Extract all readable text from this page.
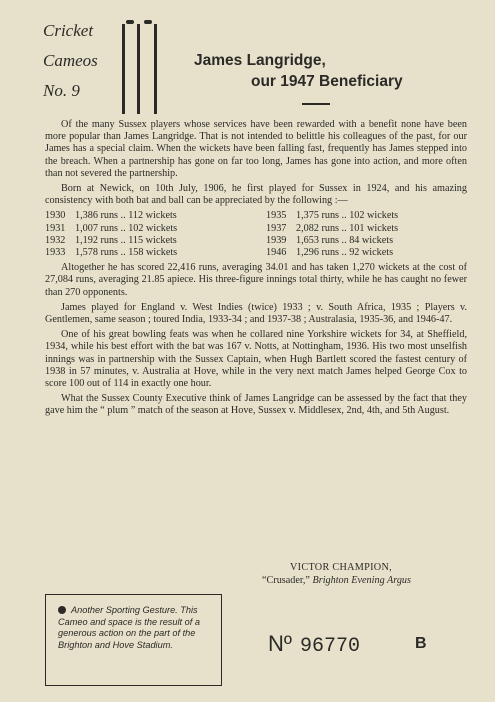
Cricket
Cameos
No. 9
James Langridge,
our 1947 Beneficiary

Of the many Sussex players whose services have been rewarded with a benefit none have been more popular than James Langridge. That is not intended to belittle his colleagues of the past, for our James has a special claim. When the wickets have been falling fast, frequently has James stepped into the breach. When a partnership has gone on far too long, James has gone into action, and more often than not severed the partnership.

Born at Newick, on 10th July, 1906, he first played for Sussex in 1924, and his amazing consistency with both bat and ball can be appreciated by the following :—

1930 1,386 runs .. 112 wickets	1935 1,375 runs .. 102 wickets
1931 1,007 runs .. 102 wickets	1937 2,082 runs .. 101 wickets
1932 1,192 runs .. 115 wickets	1939 1,653 runs .. 84 wickets
1933 1,578 runs .. 158 wickets	1946 1,296 runs .. 92 wickets

Altogether he has scored 22,416 runs, averaging 34.01 and has taken 1,270 wickets at the cost of 27,084 runs, averaging 21.85 apiece. His three-figure innings total thirty, while he has caught no fewer than 270 opponents.

James played for England v. West Indies (twice) 1933 ; v. South Africa, 1935 ; Players v. Gentlemen, same season ; toured India, 1933-34 ; and 1937-38 ; Australasia, 1935-36, and 1946-47.

One of his great bowling feats was when he collared nine Yorkshire wickets for 34, at Sheffield, 1934, while his best effort with the bat was 167 v. Notts, at Nottingham, 1936. His two most unselfish innings was in partnership with the Sussex Captain, when Hugh Bartlett scored the fastest century of 1938 in 57 minutes, v. Australia at Hove, while in the very next match James helped George Cox to score 100 out of 114 in exactly one hour.

What the Sussex County Executive think of James Langridge can be assessed by the fact that they gave him the “ plum ” match of the season at Hove, Sussex v. Middlesex, 2nd, 4th, and 5th August.

VICTOR CHAMPION,
“Crusader,” Brighton Evening Argus
Another Sporting Gesture. This Cameo and space is the result of a generous action on the part of the Brighton and Hove Stadium.	Nº 96770	B
